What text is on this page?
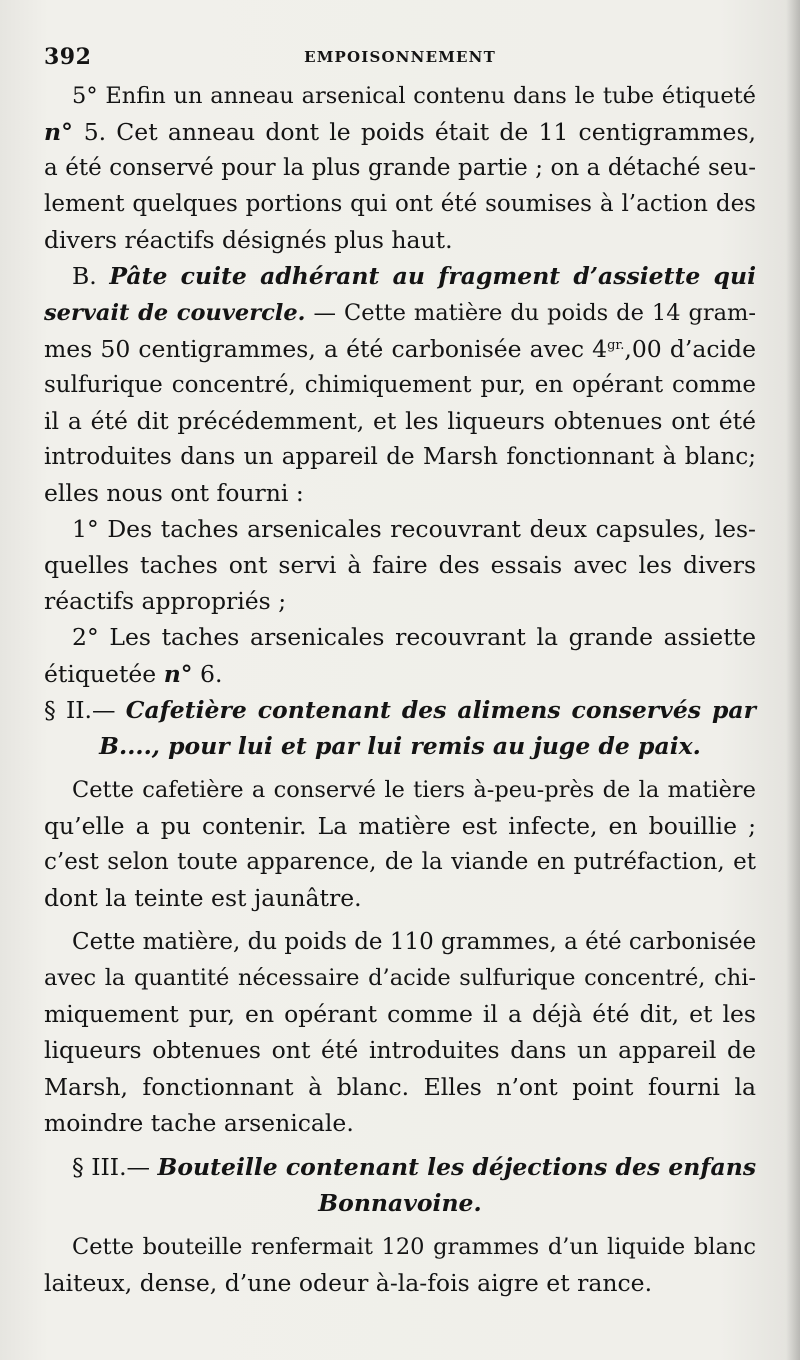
392	EMPOISONNEMENT
5° Enfin un anneau arsenical contenu dans le tube étiqueté
n° 5. Cet anneau dont le poids était de 11 centigrammes,
a été conservé pour la plus grande partie ; on a détaché seu-
lement quelques portions qui ont été soumises à l’action des
divers réactifs désignés plus haut.
B. Pâte cuite adhérant au fragment d’assiette qui
servait de couvercle. — Cette matière du poids de 14 gram-
mes 50 centigrammes, a été carbonisée avec $4^{gr.},00$ d’acide
sulfurique concentré, chimiquement pur, en opérant comme
il a été dit précédemment, et les liqueurs obtenues ont été
introduites dans un appareil de Marsh fonctionnant à blanc;
elles nous ont fourni :
1° Des taches arsenicales recouvrant deux capsules, les-
quelles taches ont servi à faire des essais avec les divers
réactifs appropriés ;
2° Les taches arsenicales recouvrant la grande assiette
étiquetée n° 6.
§ II.— Cafetière contenant des alimens conservés par
B...., pour lui et par lui remis au juge de paix.
Cette cafetière a conservé le tiers à-peu-près de la matière
qu’elle a pu contenir. La matière est infecte, en bouillie ;
c’est selon toute apparence, de la viande en putréfaction, et
dont la teinte est jaunâtre.
Cette matière, du poids de 110 grammes, a été carbonisée
avec la quantité nécessaire d’acide sulfurique concentré, chi-
miquement pur, en opérant comme il a déjà été dit, et les
liqueurs obtenues ont été introduites dans un appareil de
Marsh, fonctionnant à blanc. Elles n’ont point fourni la
moindre tache arsenicale.
§ III.— Bouteille contenant les déjections des enfans
Bonnavoine.
Cette bouteille renfermait 120 grammes d’un liquide blanc
laiteux, dense, d’une odeur à-la-fois aigre et rance.
